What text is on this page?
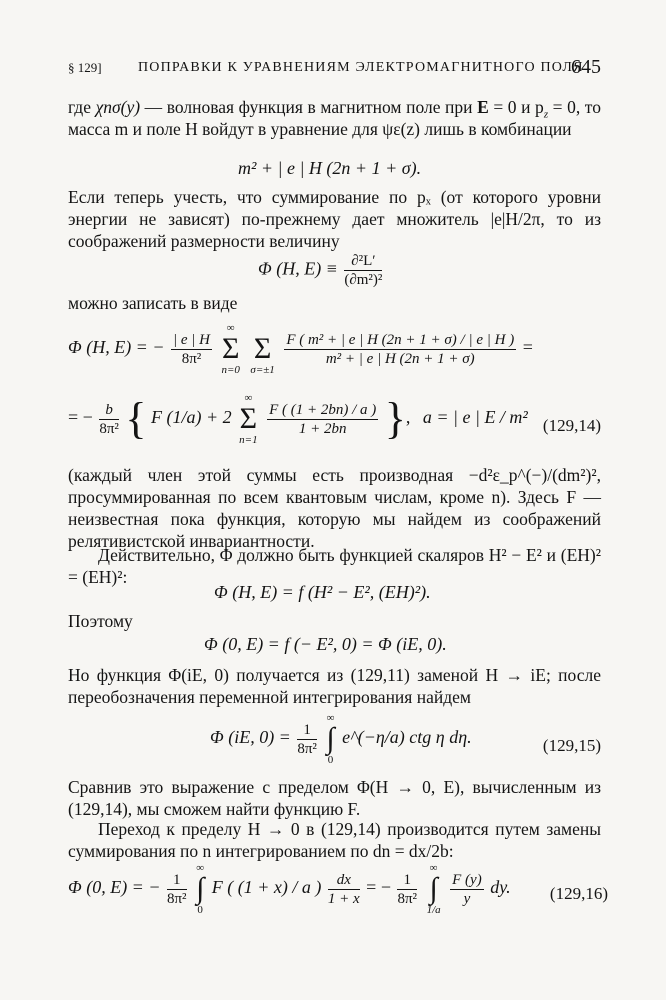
§ 129]	ПОПРАВКИ К УРАВНЕНИЯМ ЭЛЕКТРОМАГНИТНОГО ПОЛЯ
645
где χnσ(y) — волновая функция в магнитном поле при E = 0 и $p_z = 0$, то масса m и поле H войдут в уравнение для ψε(z) лишь в комбинации
m² + | e | H (2n + 1 + σ).
Если теперь учесть, что суммирование по pₓ (от которого уровни энергии не зависят) по-прежнему дает множитель |e|H/2π, то из соображений размерности величину
Φ (H, $E) \equiv \frac{\text{∂²L′}}{\text{(∂m²)²}}$
можно записать в виде
Φ (H, E) = − $\frac{| e | H}{\text{8π²}}$

∞
Σ
n=0

Σ
σ=±1

$\frac{\text{F ( m² + | e | H (2n + 1 + σ) / | e | H )}}{\text{m² + | e | H (2n + 1 + σ)}}$ =
= − $\frac{b}{\text{8π²}}$ { F (1/a) + 2
∞
Σ
n=1

$\frac{F ( (1 + 2bn) / a )}{1 + 2bn}$ }, a = | e | E / m² (129,14)
(каждый член этой суммы есть производная −d²ε_p^(−)/(dm²)², просуммированная по всем квантовым числам, кроме n). Здесь F — неизвестная пока функция, которую мы найдем из соображений релятивистской инвариантности.
Действительно, Φ должно быть функцией скаляров H² − E² и (EH)² = (EH)²:
Φ (H, E) = f (H² − E², (EH)²).
Поэтому
Φ (0, E) = f (− E², 0) = Φ (iE, 0).
Но функция Φ(iE, 0) получается из (129,11) заменой H → iE; после переобозначения переменной интегрирования найдем
Φ (iE, $0) = \frac{1}{\text{8π²}}$

∞
∫
0
e^(−η/a) ctg η dη.	(129,15)
Сравнив это выражение с пределом Φ(H → 0, E), вычисленным из (129,14), мы сможем найти функцию F.
Переход к пределу H → 0 в (129,14) производится путем замены суммирования по n интегрированием по dn = dx/2b:
Φ (0, E) = − $\frac{1}{\text{8π²}}$

∞
∫
0
F ( (1 + x) / a ) $\frac{dx}{1 + x}$ = − $\frac{1}{\text{8π²}}$

∞
∫
1/a

$\frac{F (y)}{y}$ dy. (129,16)
